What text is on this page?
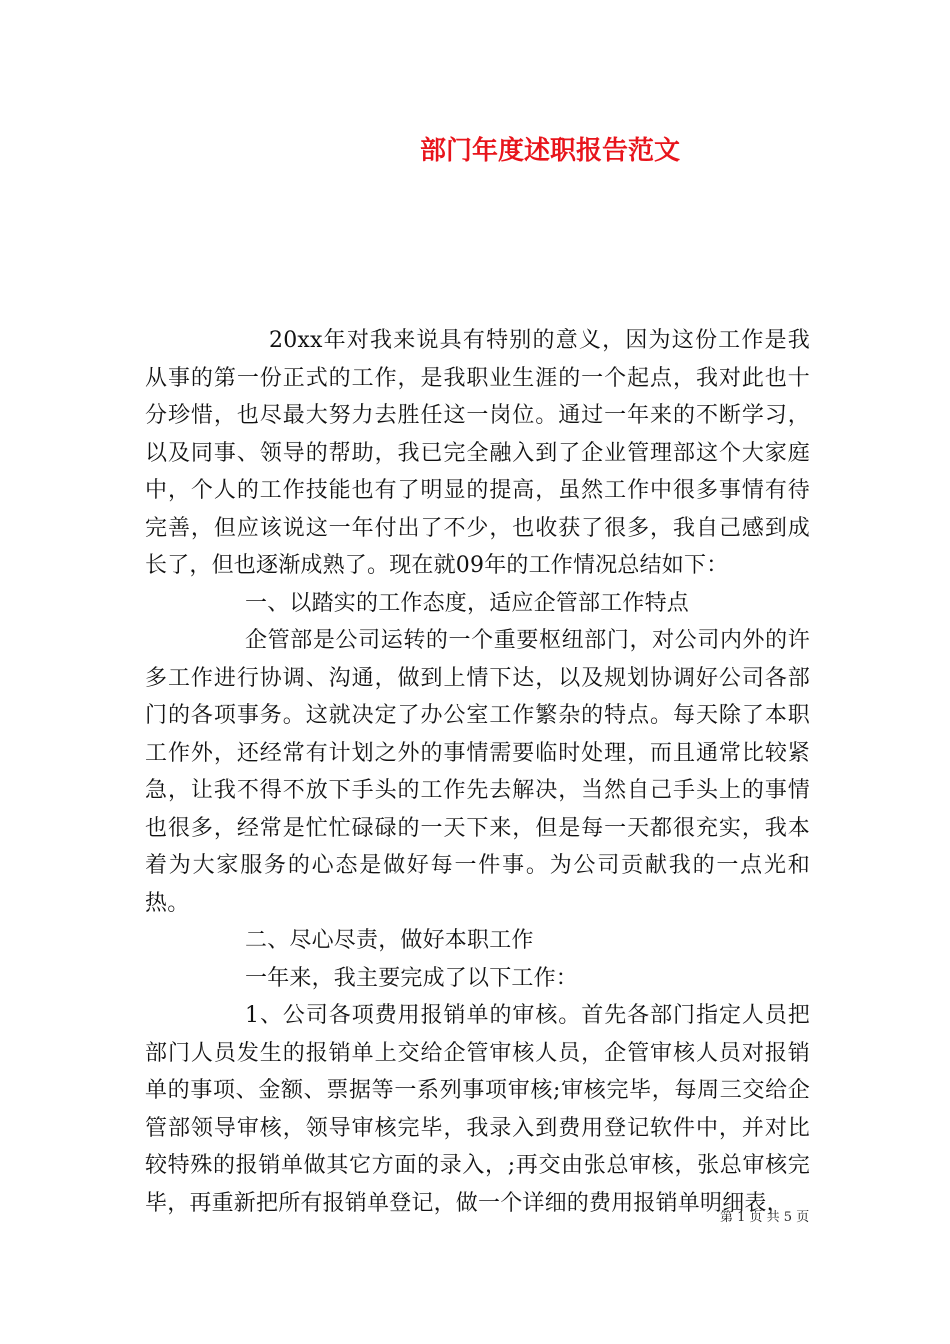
部门年度述职报告范文

20xx年对我来说具有特别的意义，因为这份工作是我从事的第一份正式的工作，是我职业生涯的一个起点，我对此也十分珍惜，也尽最大努力去胜任这一岗位。通过一年来的不断学习，以及同事、领导的帮助，我已完全融入到了企业管理部这个大家庭中，个人的工作技能也有了明显的提高，虽然工作中很多事情有待完善，但应该说这一年付出了不少，也收获了很多，我自己感到成长了，但也逐渐成熟了。现在就09年的工作情况总结如下：

一、以踏实的工作态度，适应企管部工作特点

企管部是公司运转的一个重要枢纽部门，对公司内外的许多工作进行协调、沟通，做到上情下达，以及规划协调好公司各部门的各项事务。这就决定了办公室工作繁杂的特点。每天除了本职工作外，还经常有计划之外的事情需要临时处理，而且通常比较紧急，让我不得不放下手头的工作先去解决，当然自己手头上的事情也很多，经常是忙忙碌碌的一天下来，但是每一天都很充实，我本着为大家服务的心态是做好每一件事。为公司贡献我的一点光和热。

二、尽心尽责，做好本职工作

一年来，我主要完成了以下工作：

1、公司各项费用报销单的审核。首先各部门指定人员把部门人员发生的报销单上交给企管审核人员，企管审核人员对报销单的事项、金额、票据等一系列事项审核;审核完毕，每周三交给企管部领导审核，领导审核完毕，我录入到费用登记软件中，并对比较特殊的报销单做其它方面的录入，;再交由张总审核，张总审核完毕，再重新把所有报销单登记，做一个详细的费用报销单明细表，

第 1 页 共 5 页
